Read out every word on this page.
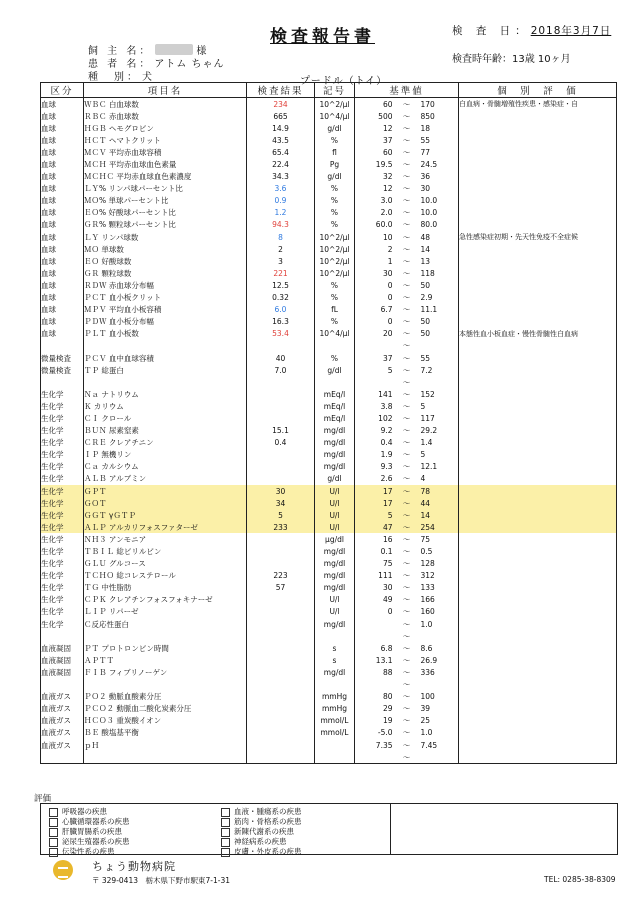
検査報告書	検 査 日：2018年3月7日
検査時年齢：13歳 10ヶ月
飼 主 名：	様
患 者 名： アトム ちゃん
種　別： 犬	プードル（トイ）
区分	項目名	検査結果	記号	基準値	個　別　評　価
血球	ＷＢＣ 白血球数	234	10^2/μl	60 ～ 170	白血病・骨髄増殖性疾患・感染症・自
血球	ＲＢＣ 赤血球数	665	10^4/μl	500 ～ 850	
血球	ＨＧＢ ヘモグロビン	14.9	g/dl	12 ～ 18	
血球	ＨＣＴ ヘマトクリット	43.5	%	37 ～ 55	
血球	ＭＣＶ 平均赤血球容積	65.4	fl	60 ～ 77	
血球	ＭＣＨ 平均赤血球血色素量	22.4	Pg	19.5 ～ 24.5	
血球	ＭＣＨＣ 平均赤血球血色素濃度	34.3	g/dl	32 ～ 36	
血球	ＬＹ% リンパ球パーセント比	3.6	%	12 ～ 30	
血球	ＭＯ% 単球パーセント比	0.9	%	3.0 ～ 10.0	
血球	ＥＯ% 好酸球パーセント比	1.2	%	2.0 ～ 10.0	
血球	ＧＲ% 顆粒球パーセント比	94.3	%	60.0 ～ 80.0	
血球	ＬＹ リンパ球数	8	10^2/μl	10 ～ 48	急性感染症初期・先天性免疫不全症候
血球	ＭＯ 単球数	2	10^2/μl	2 ～ 14	
血球	ＥＯ 好酸球数	3	10^2/μl	1 ～ 13	
血球	ＧＲ 顆粒球数	221	10^2/μl	30 ～ 118	
血球	ＲＤＷ 赤血球分布幅	12.5	%	0 ～ 50	
血球	ＰＣＴ 血小板クリット	0.32	%	0 ～ 2.9	
血球	ＭＰＶ 平均血小板容積	6.0	fL	6.7 ～ 11.1	
血球	ＰＤＷ 血小板分布幅	16.3	%	0 ～ 50	
血球	ＰＬＴ 血小板数	53.4	10^4/μl	20 ～ 50	本態性血小板血症・慢性骨髄性白血病
				～	
微量検査	ＰＣＶ 血中血球容積	40	%	37 ～ 55	
微量検査	ＴＰ 総蛋白	7.0	g/dl	5 ～ 7.2	
				～	
生化学	Ｎａ ナトリウム		mEq/l	141 ～ 152	
生化学	Ｋ カリウム		mEq/l	3.8 ～ 5	
生化学	ＣＩ クロール		mEq/l	102 ～ 117	
生化学	ＢＵＮ 尿素窒素	15.1	mg/dl	9.2 ～ 29.2	
生化学	ＣＲＥ クレアチニン	0.4	mg/dl	0.4 ～ 1.4	
生化学	ＩＰ 無機リン		mg/dl	1.9 ～ 5	
生化学	Ｃａ カルシウム		mg/dl	9.3 ～ 12.1	
生化学	ＡＬＢ アルブミン		g/dl	2.6 ～ 4	
生化学	ＧＰＴ	30	U/l	17 ～ 78	
生化学	ＧＯＴ	34	U/l	17 ～ 44	
生化学	ＧＧＴ γＧＴＰ	5	U/l	5 ～ 14	
生化学	ＡＬＰ アルカリフォスファターゼ	233	U/l	47 ～ 254	
生化学	ＮＨ３ アンモニア		μg/dl	16 ～ 75	
生化学	ＴＢＩＬ 総ビリルビン		mg/dl	0.1 ～ 0.5	
生化学	ＧＬＵ グルコース		mg/dl	75 ～ 128	
生化学	ＴＣＨＯ 総コレステロール	223	mg/dl	111 ～ 312	
生化学	ＴＧ 中性脂肪	57	mg/dl	30 ～ 133	
生化学	ＣＰＫ クレアチンフォスフォキナーゼ		U/l	49 ～ 166	
生化学	ＬＩＰ リパーゼ		U/l	0 ～ 160	
生化学	Ｃ反応性蛋白		mg/dl	～ 1.0	
				～	
血液凝固	ＰＴ プロトロンビン時間		s	6.8 ～ 8.6	
血液凝固	ＡＰＴＴ		s	13.1 ～ 26.9	
血液凝固	ＦＩＢ フィブリノーゲン		mg/dl	88 ～ 336	
				～	
血液ガス	ＰＯ２ 動脈血酸素分圧		mmHg	80 ～ 100	
血液ガス	ＰＣＯ２ 動脈血二酸化炭素分圧		mmHg	29 ～ 39	
血液ガス	ＨＣＯ３ 重炭酸イオン		mmol/L	19 ～ 25	
血液ガス	ＢＥ 酸塩基平衡		mmol/L	-5.0 ～ 1.0	
血液ガス	ｐＨ			7.35 ～ 7.45	
				～	
評価
呼吸器の疾患
心臓循環器系の疾患
肝臓胃腸系の疾患
泌尿生殖器系の疾患
伝染性系の疾患
血液・腫瘍系の疾患
筋肉・骨格系の疾患
新陳代謝系の疾患
神経病系の疾患
皮膚・外皮系の疾患
ちょう動物病院
〒 329-0413　栃木県下野市駅東7-1-31	TEL: 0285-38-8309
